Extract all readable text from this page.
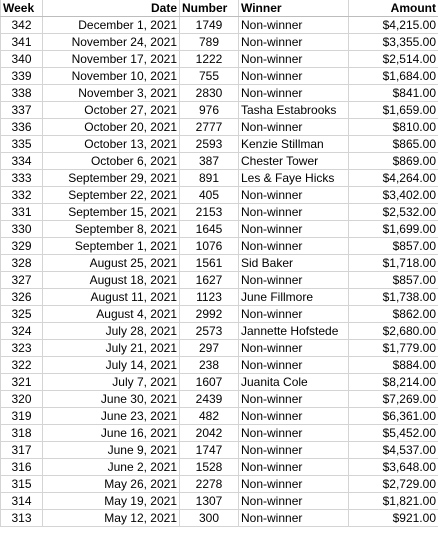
Week	Date	Number	Winner	Amount
342	December 1, 2021	1749	Non-winner	$4,215.00
341	November 24, 2021	789	Non-winner	$3,355.00
340	November 17, 2021	1222	Non-winner	$2,514.00
339	November 10, 2021	755	Non-winner	$1,684.00
338	November 3, 2021	2830	Non-winner	$841.00
337	October 27, 2021	976	Tasha Estabrooks	$1,659.00
336	October 20, 2021	2777	Non-winner	$810.00
335	October 13, 2021	2593	Kenzie Stillman	$865.00
334	October 6, 2021	387	Chester Tower	$869.00
333	September 29, 2021	891	Les & Faye Hicks	$4,264.00
332	September 22, 2021	405	Non-winner	$3,402.00
331	September 15, 2021	2153	Non-winner	$2,532.00
330	September 8, 2021	1645	Non-winner	$1,699.00
329	September 1, 2021	1076	Non-winner	$857.00
328	August 25, 2021	1561	Sid Baker	$1,718.00
327	August 18, 2021	1627	Non-winner	$857.00
326	August 11, 2021	1123	June Fillmore	$1,738.00
325	August 4, 2021	2992	Non-winner	$862.00
324	July 28, 2021	2573	Jannette Hofstede	$2,680.00
323	July 21, 2021	297	Non-winner	$1,779.00
322	July 14, 2021	238	Non-winner	$884.00
321	July 7, 2021	1607	Juanita Cole	$8,214.00
320	June 30, 2021	2439	Non-winner	$7,269.00
319	June 23, 2021	482	Non-winner	$6,361.00
318	June 16, 2021	2042	Non-winner	$5,452.00
317	June 9, 2021	1747	Non-winner	$4,537.00
316	June 2, 2021	1528	Non-winner	$3,648.00
315	May 26, 2021	2278	Non-winner	$2,729.00
314	May 19, 2021	1307	Non-winner	$1,821.00
313	May 12, 2021	300	Non-winner	$921.00
